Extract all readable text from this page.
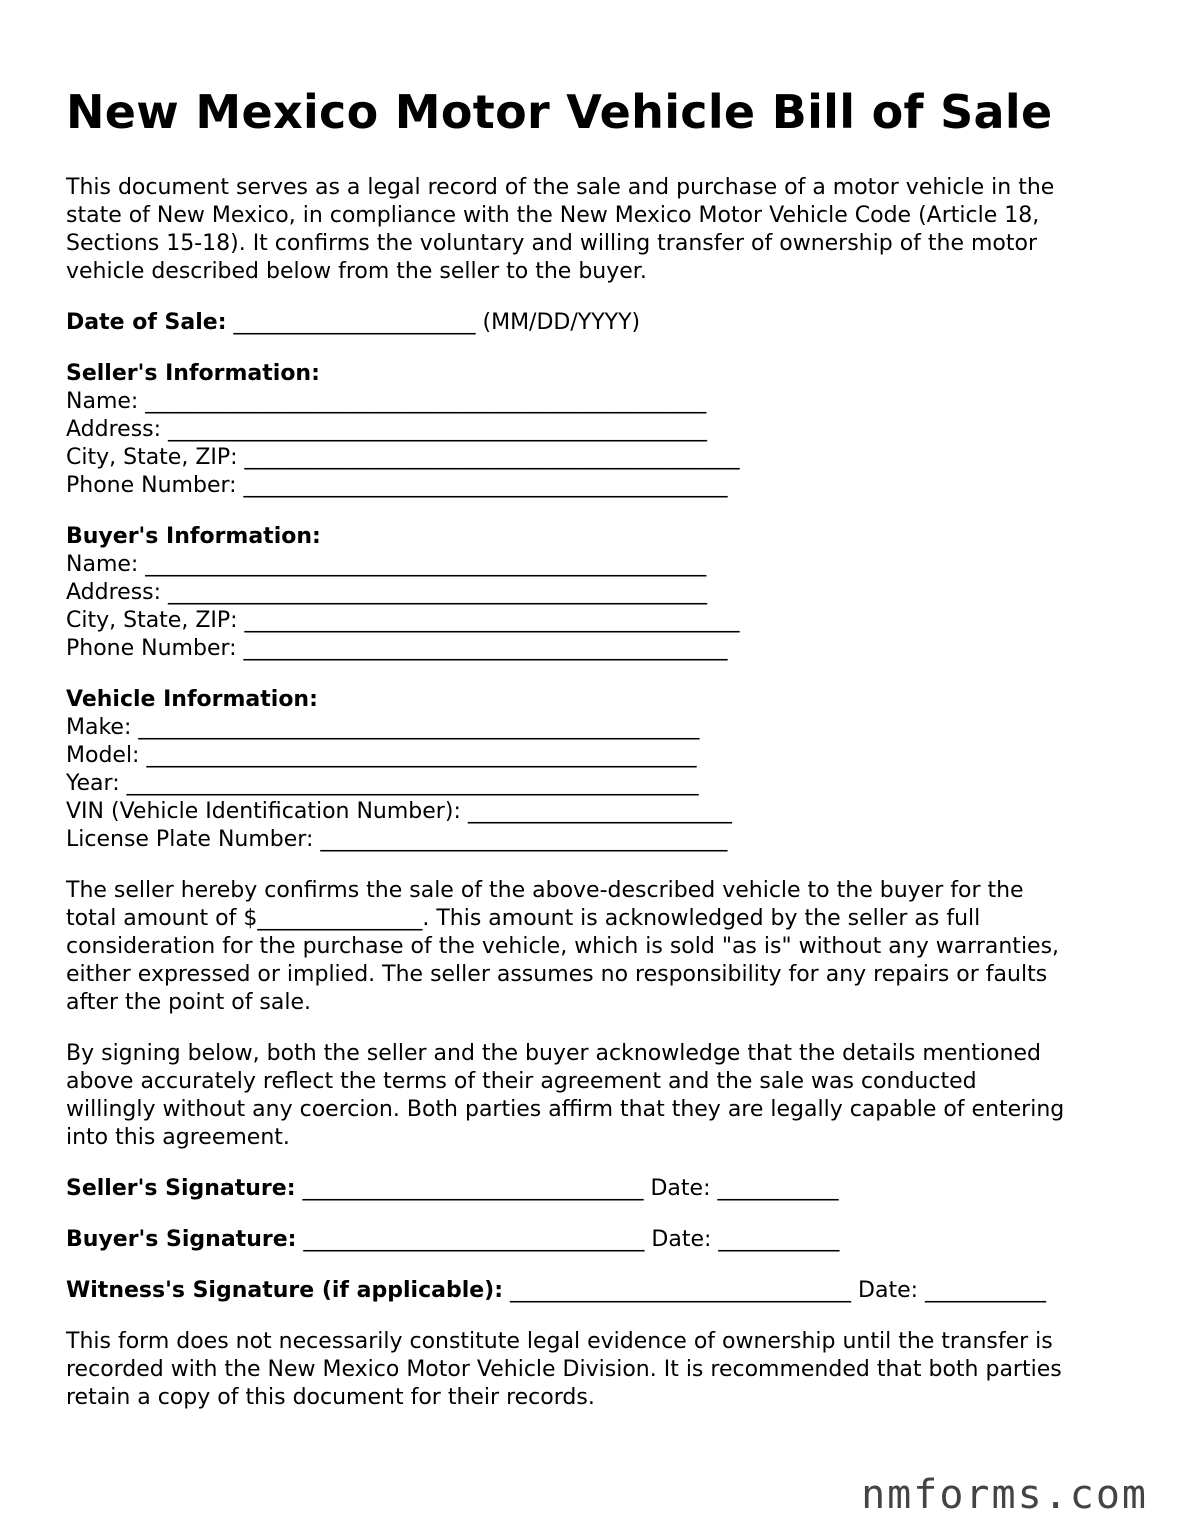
New Mexico Motor Vehicle Bill of Sale

This document serves as a legal record of the sale and purchase of a motor vehicle in the

state of New Mexico, in compliance with the New Mexico Motor Vehicle Code (Article 18,

Sections 15-18). It confirms the voluntary and willing transfer of ownership of the motor

vehicle described below from the seller to the buyer.

Date of Sale: ______________________ (MM/DD/YYYY)

Seller's Information:

Name: ___________________________________________________

Address: _________________________________________________

City, State, ZIP: _____________________________________________

Phone Number: ____________________________________________

Buyer's Information:

Name: ___________________________________________________

Address: _________________________________________________

City, State, ZIP: _____________________________________________

Phone Number: ____________________________________________

Vehicle Information:

Make: ___________________________________________________

Model: __________________________________________________

Year: ____________________________________________________

VIN (Vehicle Identification Number): ________________________

License Plate Number: _____________________________________

The seller hereby confirms the sale of the above-described vehicle to the buyer for the

total amount of $_______________. This amount is acknowledged by the seller as full

consideration for the purchase of the vehicle, which is sold "as is" without any warranties,

either expressed or implied. The seller assumes no responsibility for any repairs or faults

after the point of sale.

By signing below, both the seller and the buyer acknowledge that the details mentioned

above accurately reflect the terms of their agreement and the sale was conducted

willingly without any coercion. Both parties affirm that they are legally capable of entering

into this agreement.

Seller's Signature: _______________________________ Date: ___________

Buyer's Signature: _______________________________ Date: ___________

Witness's Signature (if applicable): _______________________________ Date: ___________

This form does not necessarily constitute legal evidence of ownership until the transfer is

recorded with the New Mexico Motor Vehicle Division. It is recommended that both parties

retain a copy of this document for their records.

nmforms.com
